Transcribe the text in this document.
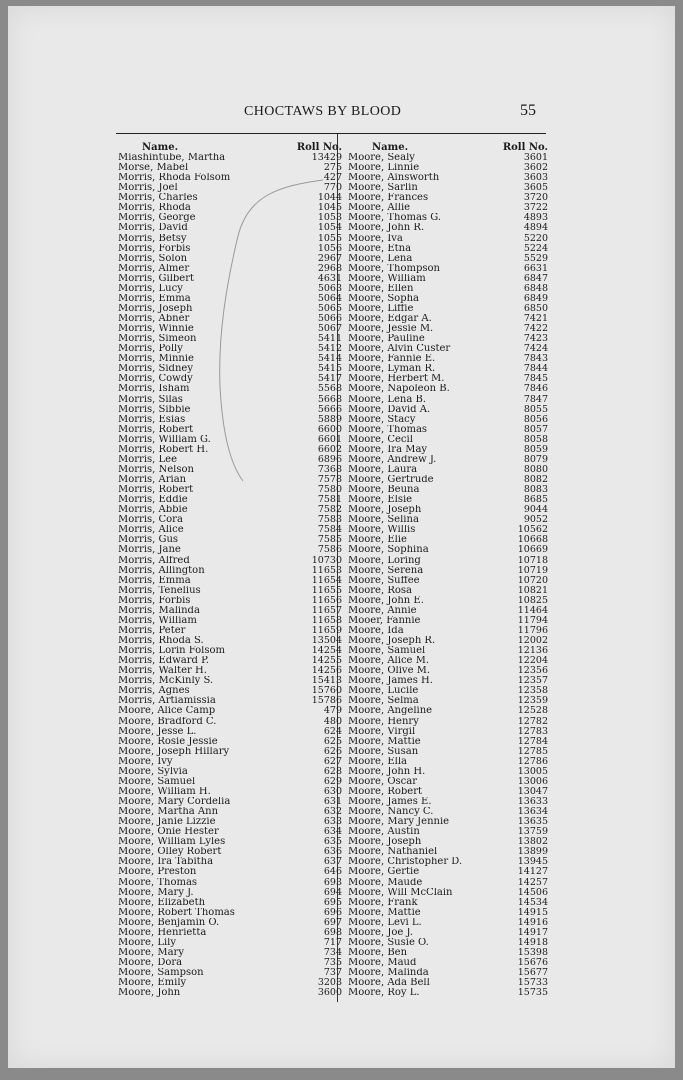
CHOCTAWS BY BLOOD	55
Name.	Roll No.
Miashintube, Martha	13429
Morse, Mabel	275
Morris, Rhoda Folsom	427
Morris, Joel	770
Morris, Charles	1044
Morris, Rhoda	1045
Morris, George	1053
Morris, David	1054
Morris, Betsy	1055
Morris, Forbis	1056
Morris, Solon	2967
Morris, Almer	2968
Morris, Gilbert	4631
Morris, Lucy	5063
Morris, Emma	5064
Morris, Joseph	5065
Morris, Abner	5066
Morris, Winnie	5067
Morris, Simeon	5411
Morris, Polly	5412
Morris, Minnie	5414
Morris, Sidney	5415
Morris, Cowdy	5417
Morris, Isham	5568
Morris, Silas	5668
Morris, Sibbie	5666
Morris, Esias	5889
Morris, Robert	6600
Morris, William G.	6601
Morris, Robert H.	6602
Morris, Lee	6896
Morris, Nelson	7368
Morris, Arian	7578
Morris, Robert	7580
Morris, Eddie	7581
Morris, Abbie	7582
Morris, Cora	7583
Morris, Alice	7584
Morris, Gus	7585
Morris, Jane	7586
Morris, Alfred	10730
Morris, Allington	11653
Morris, Emma	11654
Morris, Tenelius	11655
Morris, Forbis	11656
Morris, Malinda	11657
Morris, William	11658
Morris, Peter	11659
Morris, Rhoda S.	13504
Morris, Lorin Folsom	14254
Morris, Edward P.	14255
Morris, Walter H.	14256
Morris, McKinly S.	15413
Morris, Agnes	15760
Morris, Artiamissia	15786
Moore, Alice Camp	479
Moore, Bradford C.	480
Moore, Jesse L.	624
Moore, Rosie Jessie	625
Moore, Joseph Hillary	626
Moore, Ivy	627
Moore, Sylvia	628
Moore, Samuel	629
Moore, William H.	630
Moore, Mary Cordelia	631
Moore, Martha Ann	632
Moore, Janie Lizzie	633
Moore, Onie Hester	634
Moore, William Lyles	635
Moore, Olley Robert	636
Moore, Ira Tabitha	637
Moore, Preston	646
Moore, Thomas	693
Moore, Mary J.	694
Moore, Elizabeth	695
Moore, Robert Thomas	696
Moore, Benjamin O.	697
Moore, Henrietta	698
Moore, Lily	717
Moore, Mary	734
Moore, Dora	735
Moore, Sampson	737
Moore, Emily	3203
Moore, John	3600
Name.	Roll No.
Moore, Sealy	3601
Moore, Linnie	3602
Moore, Ainsworth	3603
Moore, Sarlin	3605
Moore, Frances	3720
Moore, Allie	3722
Moore, Thomas G.	4893
Moore, John R.	4894
Moore, Iva	5220
Moore, Etna	5224
Moore, Lena	5529
Moore, Thompson	6631
Moore, William	6847
Moore, Ellen	6848
Moore, Sopha	6849
Moore, Liffie	6850
Moore, Edgar A.	7421
Moore, Jessie M.	7422
Moore, Pauline	7423
Moore, Alvin Custer	7424
Moore, Fannie E.	7843
Moore, Lyman R.	7844
Moore, Herbert M.	7845
Moore, Napoleon B.	7846
Moore, Lena B.	7847
Moore, David A.	8055
Moore, Stacy	8056
Moore, Thomas	8057
Moore, Cecil	8058
Moore, Ira May	8059
Moore, Andrew J.	8079
Moore, Laura	8080
Moore, Gertrude	8082
Moore, Beuna	8083
Moore, Elsie	8685
Moore, Joseph	9044
Moore, Selina	9052
Moore, Willis	10562
Moore, Elie	10668
Moore, Sophina	10669
Moore, Loring	10718
Moore, Serena	10719
Moore, Suffee	10720
Moore, Rosa	10821
Moore, John E.	10825
Moore, Annie	11464
Mooer, Fannie	11794
Moore, Ida	11796
Moore, Joseph R.	12002
Moore, Samuel	12136
Moore, Alice M.	12204
Moore, Olive M.	12356
Moore, James H.	12357
Moore, Lucile	12358
Moore, Selma	12359
Moore, Angeline	12528
Moore, Henry	12782
Moore, Virgil	12783
Moore, Mattie	12784
Moore, Susan	12785
Moore, Ella	12786
Moore, John H.	13005
Moore, Oscar	13006
Moore, Robert	13047
Moore, James E.	13633
Moore, Nancy C.	13634
Moore, Mary Jennie	13635
Moore, Austin	13759
Moore, Joseph	13802
Moore, Nathaniel	13899
Moore, Christopher D.	13945
Moore, Gertie	14127
Moore, Maude	14257
Moore, Will McClain	14506
Moore, Frank	14534
Moore, Mattie	14915
Moore, Levi L.	14916
Moore, Joe J.	14917
Moore, Susie O.	14918
Moore, Ben	15398
Moore, Maud	15676
Moore, Malinda	15677
Moore, Ada Bell	15733
Moore, Roy L.	15735
